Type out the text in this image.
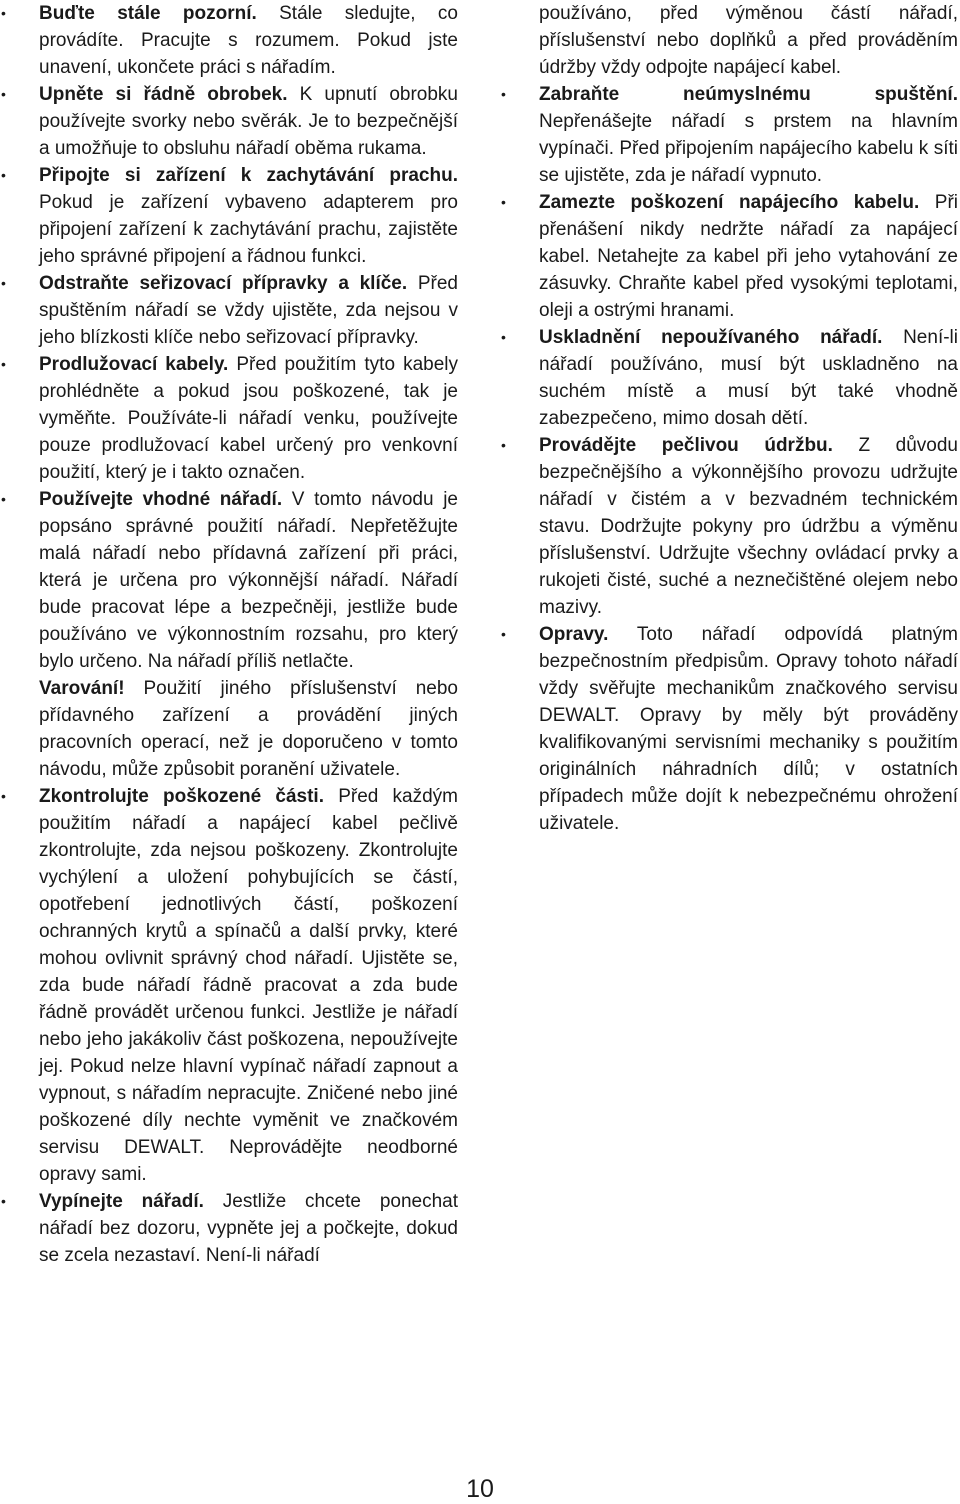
• Buďte stále pozorní. Stále sledujte, co provádíte. Pracujte s rozumem. Pokud jste unavení, ukončete práci s nářadím.
• Upněte si řádně obrobek. K upnutí obrobku používejte svorky nebo svěrák. Je to bezpečnější a umožňuje to obsluhu nářadí oběma rukama.
• Připojte si zařízení k zachytávání prachu. Pokud je zařízení vybaveno adapterem pro připojení zařízení k zachytávání prachu, zajistěte jeho správné připojení a řádnou funkci.
• Odstraňte seřizovací přípravky a klíče. Před spuštěním nářadí se vždy ujistěte, zda nejsou v jeho blízkosti klíče nebo seřizovací přípravky.
• Prodlužovací kabely. Před použitím tyto kabely prohlédněte a pokud jsou poškozené, tak je vyměňte. Používáte-li nářadí venku, používejte pouze prodlužovací kabel určený pro venkovní použití, který je i takto označen.
• Používejte vhodné nářadí. V tomto návodu je popsáno správné použití nářadí. Nepřetěžujte malá nářadí nebo přídavná zařízení při práci, která je určena pro výkonnější nářadí. Nářadí bude pracovat lépe a bezpečněji, jestliže bude používáno ve výkonnostním rozsahu, pro který bylo určeno. Na nářadí příliš netlačte.
Varování! Použití jiného příslušenství nebo přídavného zařízení a provádění jiných pracovních operací, než je doporučeno v tomto návodu, může způsobit poranění uživatele.
• Zkontrolujte poškozené části. Před každým použitím nářadí a napájecí kabel pečlivě zkontrolujte, zda nejsou poškozeny. Zkontrolujte vychýlení a uložení pohybujících se částí, opotřebení jednotlivých částí, poškození ochranných krytů a spínačů a další prvky, které mohou ovlivnit správný chod nářadí. Ujistěte se, zda bude nářadí řádně pracovat a zda bude řádně provádět určenou funkci. Jestliže je nářadí nebo jeho jakákoliv část poškozena, nepoužívejte jej. Pokud nelze hlavní vypínač nářadí zapnout a vypnout, s nářadím nepracujte. Zničené nebo jiné poškozené díly nechte vyměnit ve značkovém servisu DEWALT. Neprovádějte neodborné opravy sami.
• Vypínejte nářadí. Jestliže chcete ponechat nářadí bez dozoru, vypněte jej a počkejte, dokud se zcela nezastaví. Není-li nářadí
používáno, před výměnou částí nářadí, příslušenství nebo doplňků a před prováděním údržby vždy odpojte napájecí kabel.
• Zabraňte neúmyslnému spuštění. Nepřenášejte nářadí s prstem na hlavním vypínači. Před připojením napájecího kabelu k síti se ujistěte, zda je nářadí vypnuto.
• Zamezte poškození napájecího kabelu. Při přenášení nikdy nedržte nářadí za napájecí kabel. Netahejte za kabel při jeho vytahování ze zásuvky. Chraňte kabel před vysokými teplotami, oleji a ostrými hranami.
• Uskladnění nepoužívaného nářadí. Není-li nářadí používáno, musí být uskladněno na suchém místě a musí být také vhodně zabezpečeno, mimo dosah dětí.
• Provádějte pečlivou údržbu. Z důvodu bezpečnějšího a výkonnějšího provozu udržujte nářadí v čistém a v bezvadném technickém stavu. Dodržujte pokyny pro údržbu a výměnu příslušenství. Udržujte všechny ovládací prvky a rukojeti čisté, suché a neznečištěné olejem nebo mazivy.
• Opravy. Toto nářadí odpovídá platným bezpečnostním předpisům. Opravy tohoto nářadí vždy svěřujte mechanikům značkového servisu DEWALT. Opravy by měly být prováděny kvalifikovanými servisními mechaniky s použitím originálních náhradních dílů; v ostatních případech může dojít k nebezpečnému ohrožení uživatele.
10
